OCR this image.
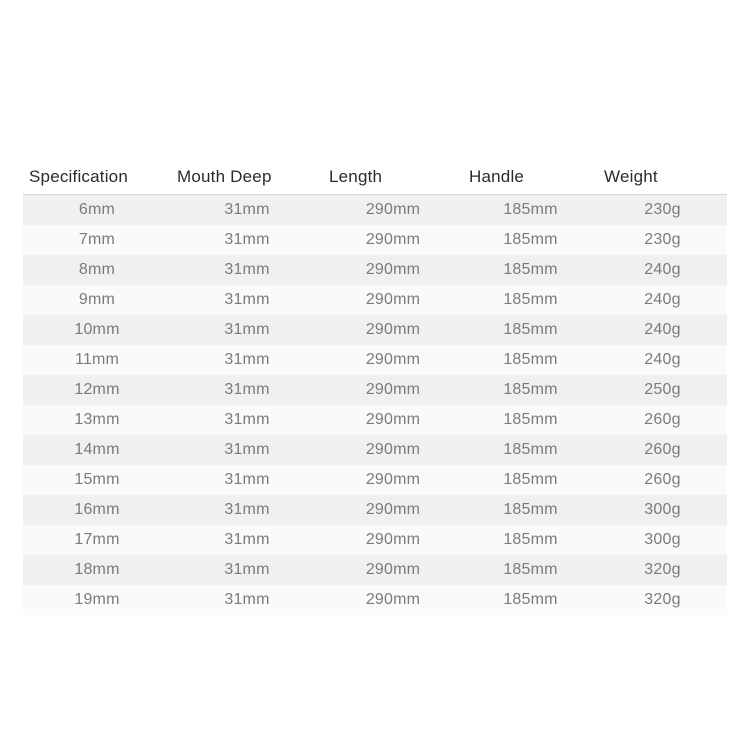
Specification	Mouth Deep	Length	Handle	Weight
6mm	31mm	290mm	185mm	230g
7mm	31mm	290mm	185mm	230g
8mm	31mm	290mm	185mm	240g
9mm	31mm	290mm	185mm	240g
10mm	31mm	290mm	185mm	240g
11mm	31mm	290mm	185mm	240g
12mm	31mm	290mm	185mm	250g
13mm	31mm	290mm	185mm	260g
14mm	31mm	290mm	185mm	260g
15mm	31mm	290mm	185mm	260g
16mm	31mm	290mm	185mm	300g
17mm	31mm	290mm	185mm	300g
18mm	31mm	290mm	185mm	320g
19mm	31mm	290mm	185mm	320g
